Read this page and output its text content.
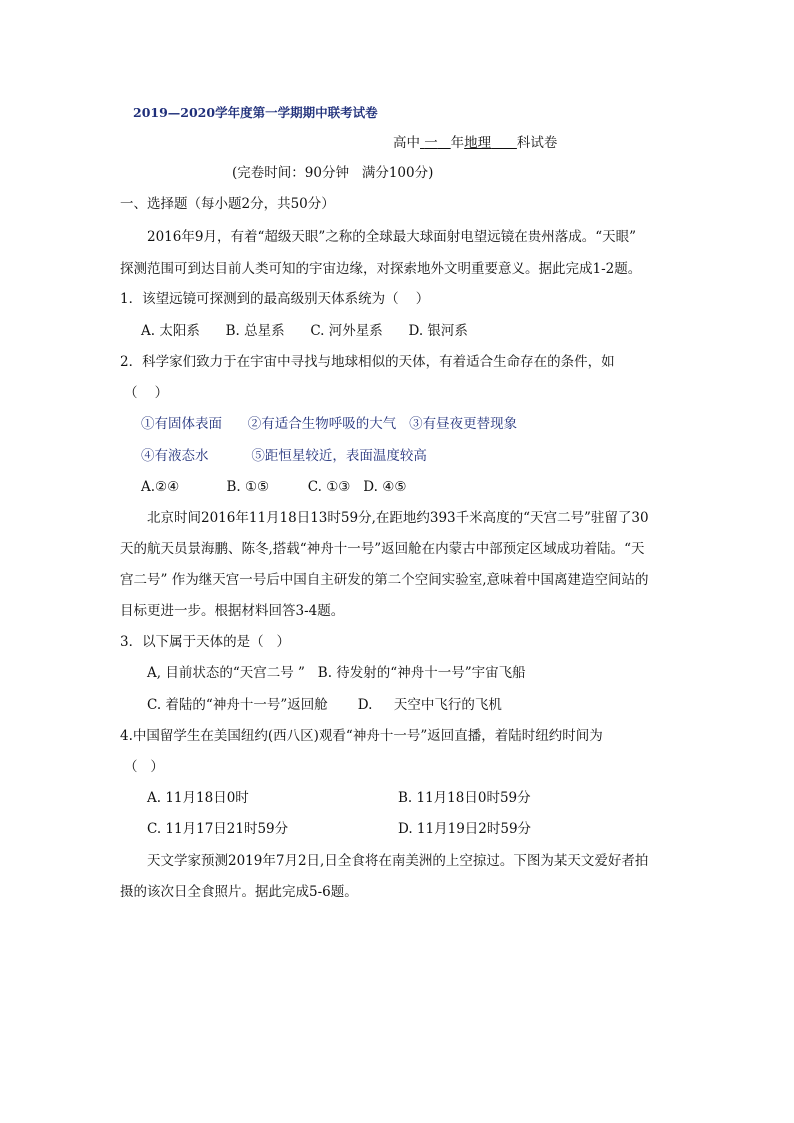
2019—2020学年度第一学期期中联考试卷
高中 一 年地理 科试卷
(完卷时间：90分钟   满分100分)
一、选择题（每小题2分，共50分）
2016年9月，有着“超级天眼”之称的全球最大球面射电望远镜在贵州落成。“天眼”
探测范围可到达目前人类可知的宇宙边缘，对探索地外文明重要意义。据此完成1-2题。
1．该望远镜可探测到的最高级别天体系统为（    ）
A. 太阳系      B. 总星系      C. 河外星系      D. 银河系
2．科学家们致力于在宇宙中寻找与地球相似的天体，有着适合生命存在的条件，如
（    ）
①有固体表面      ②有适合生物呼吸的大气   ③有昼夜更替现象
④有液态水          ⑤距恒星较近，表面温度较高
A.②④           B. ①⑤         C. ①③   D. ④⑤
北京时间2016年11月18日13时59分,在距地约393千米高度的“天宫二号”驻留了30
天的航天员景海鹏、陈冬,搭载“神舟十一号”返回舱在内蒙古中部预定区域成功着陆。“天
宫二号” 作为继天宫一号后中国自主研发的第二个空间实验室,意味着中国离建造空间站的
目标更进一步。根据材料回答3-4题。
3．以下属于天体的是（   ）
A, 目前状态的“天宫二号 ”   B. 待发射的“神舟十一号”宇宙飞船
C. 着陆的“神舟十一号”返回舱       D.     天空中飞行的飞机
4.中国留学生在美国纽约(西八区)观看“神舟十一号”返回直播，着陆时纽约时间为
（   ）
A. 11月18日0时	B. 11月18日0时59分
C. 11月17日21时59分	D. 11月19日2时59分
天文学家预测2019年7月2日,日全食将在南美洲的上空掠过。下图为某天文爱好者拍
摄的该次日全食照片。据此完成5-6题。
